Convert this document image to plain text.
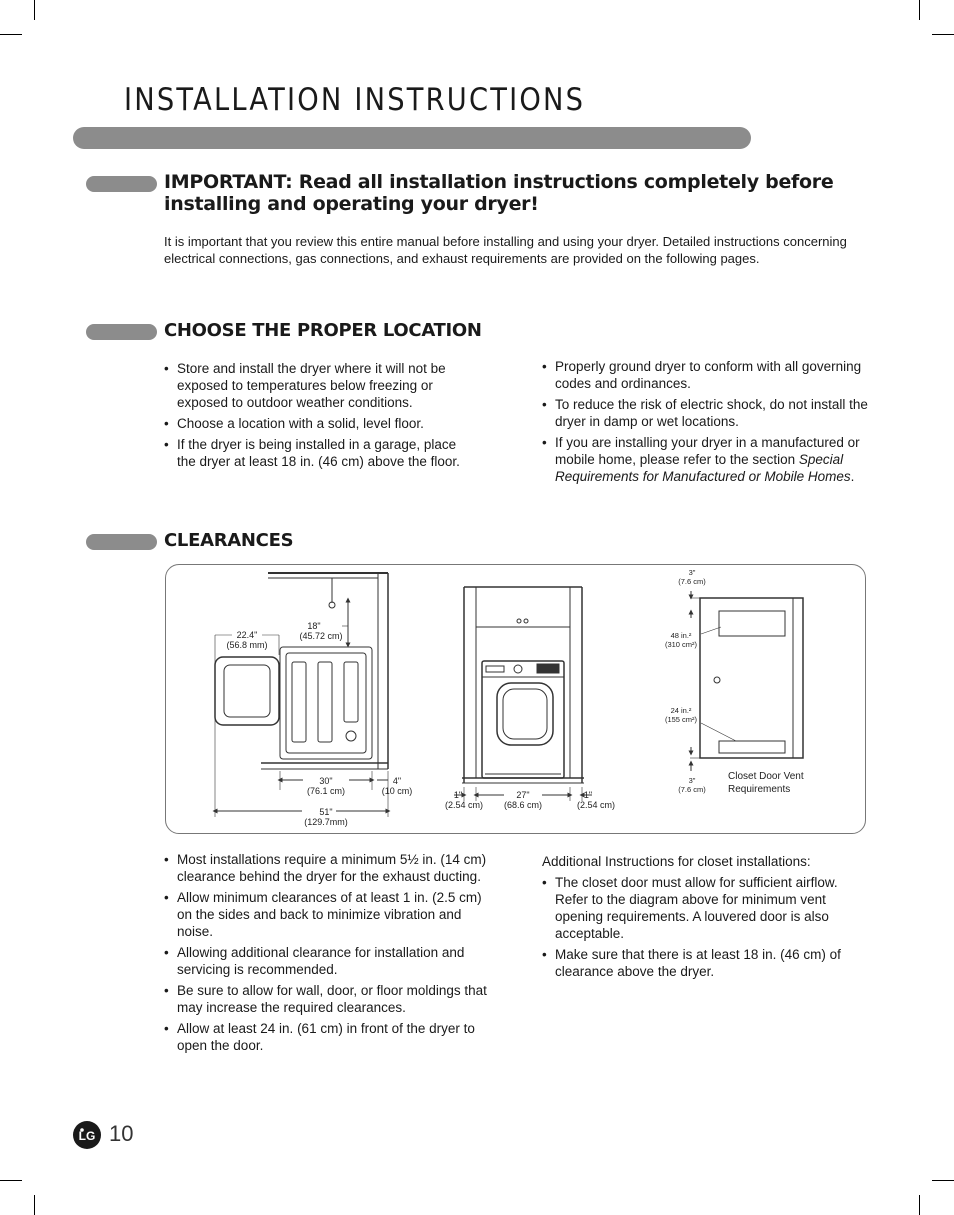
INSTALLATION INSTRUCTIONS
IMPORTANT: Read all installation instructions completely before
installing and operating your dryer!
It is important that you review this entire manual before installing and using your dryer. Detailed instructions concerning electrical connections, gas connections, and exhaust requirements are provided on the following pages.
CHOOSE THE PROPER LOCATION
• Store and install the dryer where it will not be exposed to temperatures below freezing or exposed to outdoor weather conditions.
• Choose a location with a solid, level floor.
• If the dryer is being installed in a garage, place the dryer at least 18 in. (46 cm) above the floor.
• Properly ground dryer to conform with all governing codes and ordinances.
• To reduce the risk of electric shock, do not install the dryer in damp or wet locations.
• If you are installing your dryer in a manufactured or mobile home, please refer to the section Special Requirements for Manufactured or Mobile Homes.
CLEARANCES
18"
(45.72 cm)
22.4"
(56.8 mm)
30"
(76.1 cm)
4"
(10 cm)
51"
(129.7mm)
1"
(2.54 cm)
27"
(68.6 cm)
1"
(2.54 cm)
3"
(7.6 cm)
48 in.²
(310 cm²)
24 in.²
(155 cm²)
3"
(7.6 cm)
Closet Door Vent
Requirements
• Most installations require a minimum 5½ in. (14 cm) clearance behind the dryer for the exhaust ducting.
• Allow minimum clearances of at least 1 in. (2.5 cm) on the sides and back to minimize vibration and noise.
• Allowing additional clearance for installation and servicing is recommended.
• Be sure to allow for wall, door, or floor moldings that may increase the required clearances.
• Allow at least 24 in. (61 cm) in front of the dryer to open the door.
Additional Instructions for closet installations:
• The closet door must allow for sufficient airflow. Refer to the diagram above for minimum vent opening requirements. A louvered door is also acceptable.
• Make sure that there is at least 18 in. (46 cm) of clearance above the dryer.
LG 10
